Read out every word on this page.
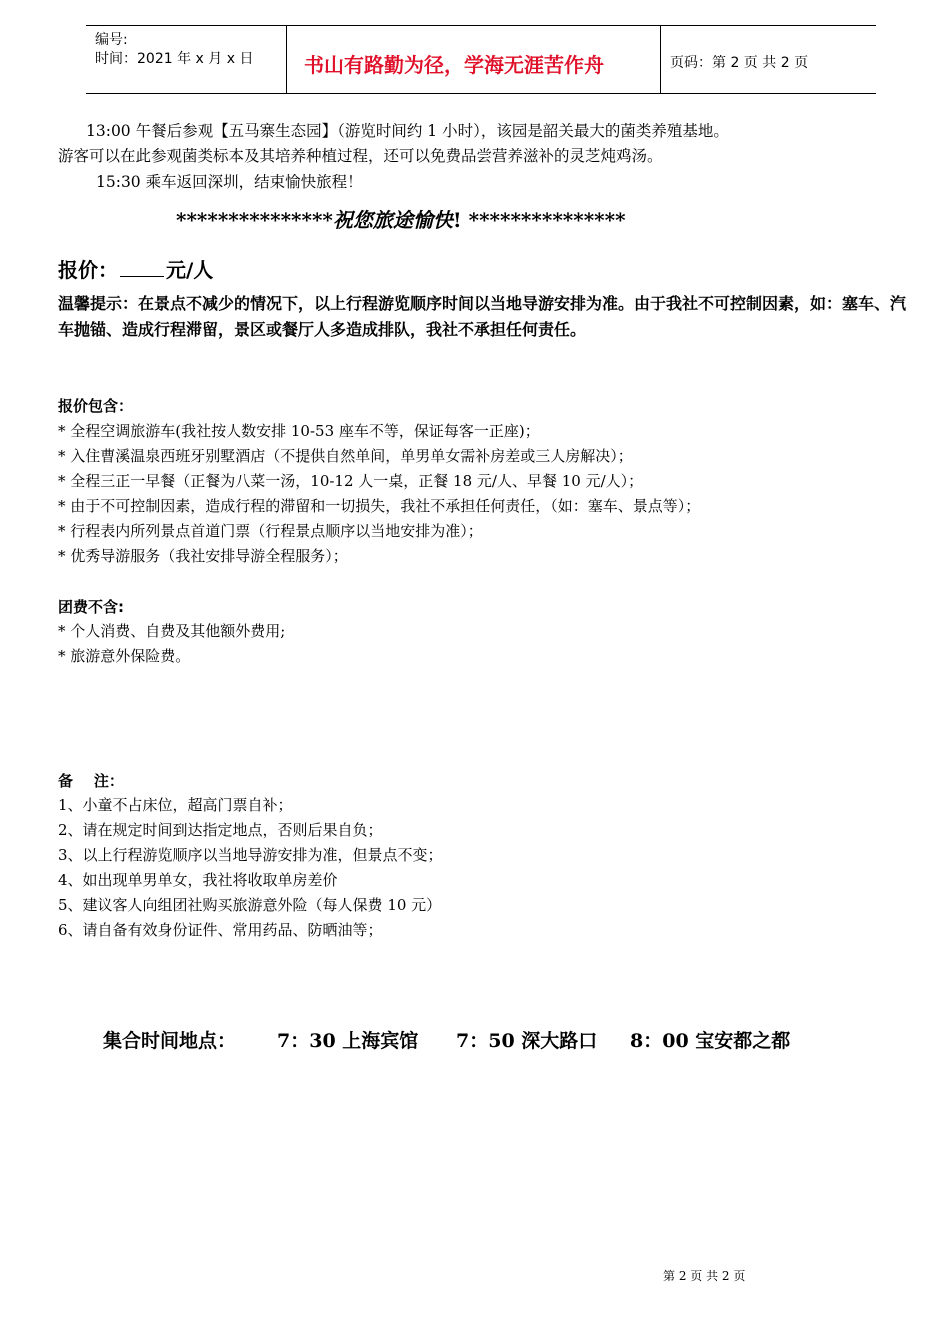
编号:
时间：2021 年 x 月 x 日	书山有路勤为径，学海无涯苦作舟	页码：第 2 页 共 2 页
13:00 午餐后参观【五马寨生态园】（游览时间约 1 小时），该园是韶关最大的菌类养殖基地。
游客可以在此参观菌类标本及其培养种植过程，还可以免费品尝营养滋补的灵芝炖鸡汤。
15:30 乘车返回深圳，结束愉快旅程！
***************祝您旅途愉快! ***************
报价： 元/人
温馨提示：在景点不减少的情况下，以上行程游览顺序时间以当地导游安排为准。由于我社不可控制因素，如：塞车、汽车抛锚、造成行程滞留，景区或餐厅人多造成排队，我社不承担任何责任。
报价包含：
* 全程空调旅游车(我社按人数安排 10-53 座车不等，保证每客一正座)；
* 入住曹溪温泉西班牙别墅酒店（不提供自然单间，单男单女需补房差或三人房解决）；
* 全程三正一早餐（正餐为八菜一汤，10-12 人一桌，正餐 18 元/人、早餐 10 元/人）；
* 由于不可控制因素，造成行程的滞留和一切损失，我社不承担任何责任，（如：塞车、景点等）；
* 行程表内所列景点首道门票（行程景点顺序以当地安排为准）；
* 优秀导游服务（我社安排导游全程服务）；
团费不含:
* 个人消费、自费及其他额外费用;
* 旅游意外保险费。
备    注：
1、小童不占床位，超高门票自补；
2、请在规定时间到达指定地点，否则后果自负；
3、以上行程游览顺序以当地导游安排为准，但景点不变；
4、如出现单男单女，我社将收取单房差价
5、建议客人向组团社购买旅游意外险（每人保费 10 元）
6、请自备有效身份证件、常用药品、防晒油等；
集合时间地点： 7：30 上海宾馆 7：50 深大路口 8：00 宝安都之都
第 2 页 共 2 页
